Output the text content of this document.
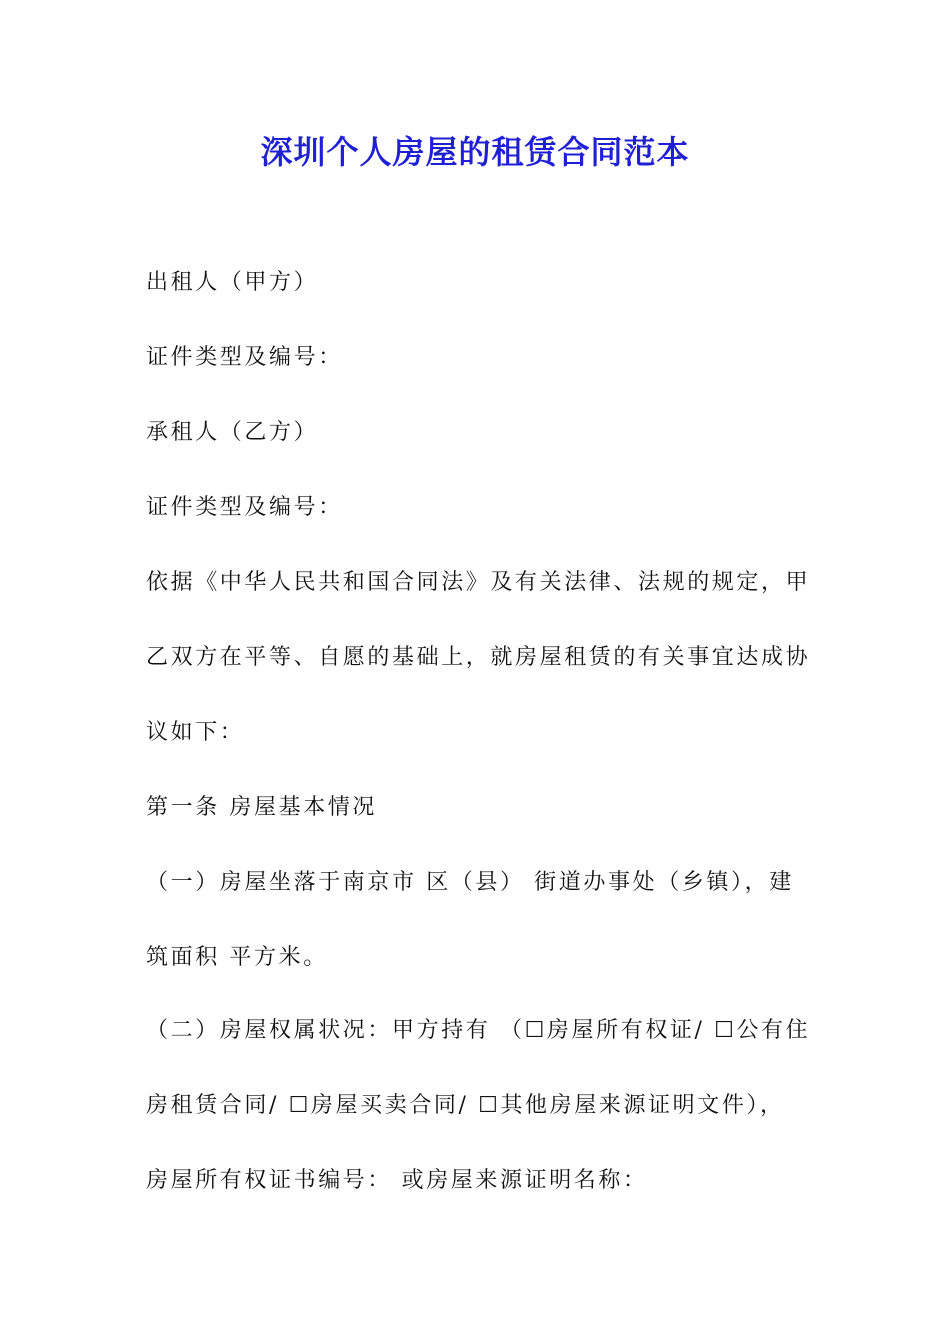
深圳个人房屋的租赁合同范本
出租人（甲方）
证件类型及编号：
承租人（乙方）
证件类型及编号：
依据《中华人民共和国合同法》及有关法律、法规的规定，甲
乙双方在平等、自愿的基础上，就房屋租赁的有关事宜达成协
议如下：
第一条 房屋基本情况
（一）房屋坐落于南京市 区（县） 街道办事处（乡镇），建
筑面积 平方米。
（二）房屋权属状况：甲方持有 （☐房屋所有权证/ ☐公有住
房租赁合同/ ☐房屋买卖合同/ ☐其他房屋来源证明文件），
房屋所有权证书编号： 或房屋来源证明名称：
